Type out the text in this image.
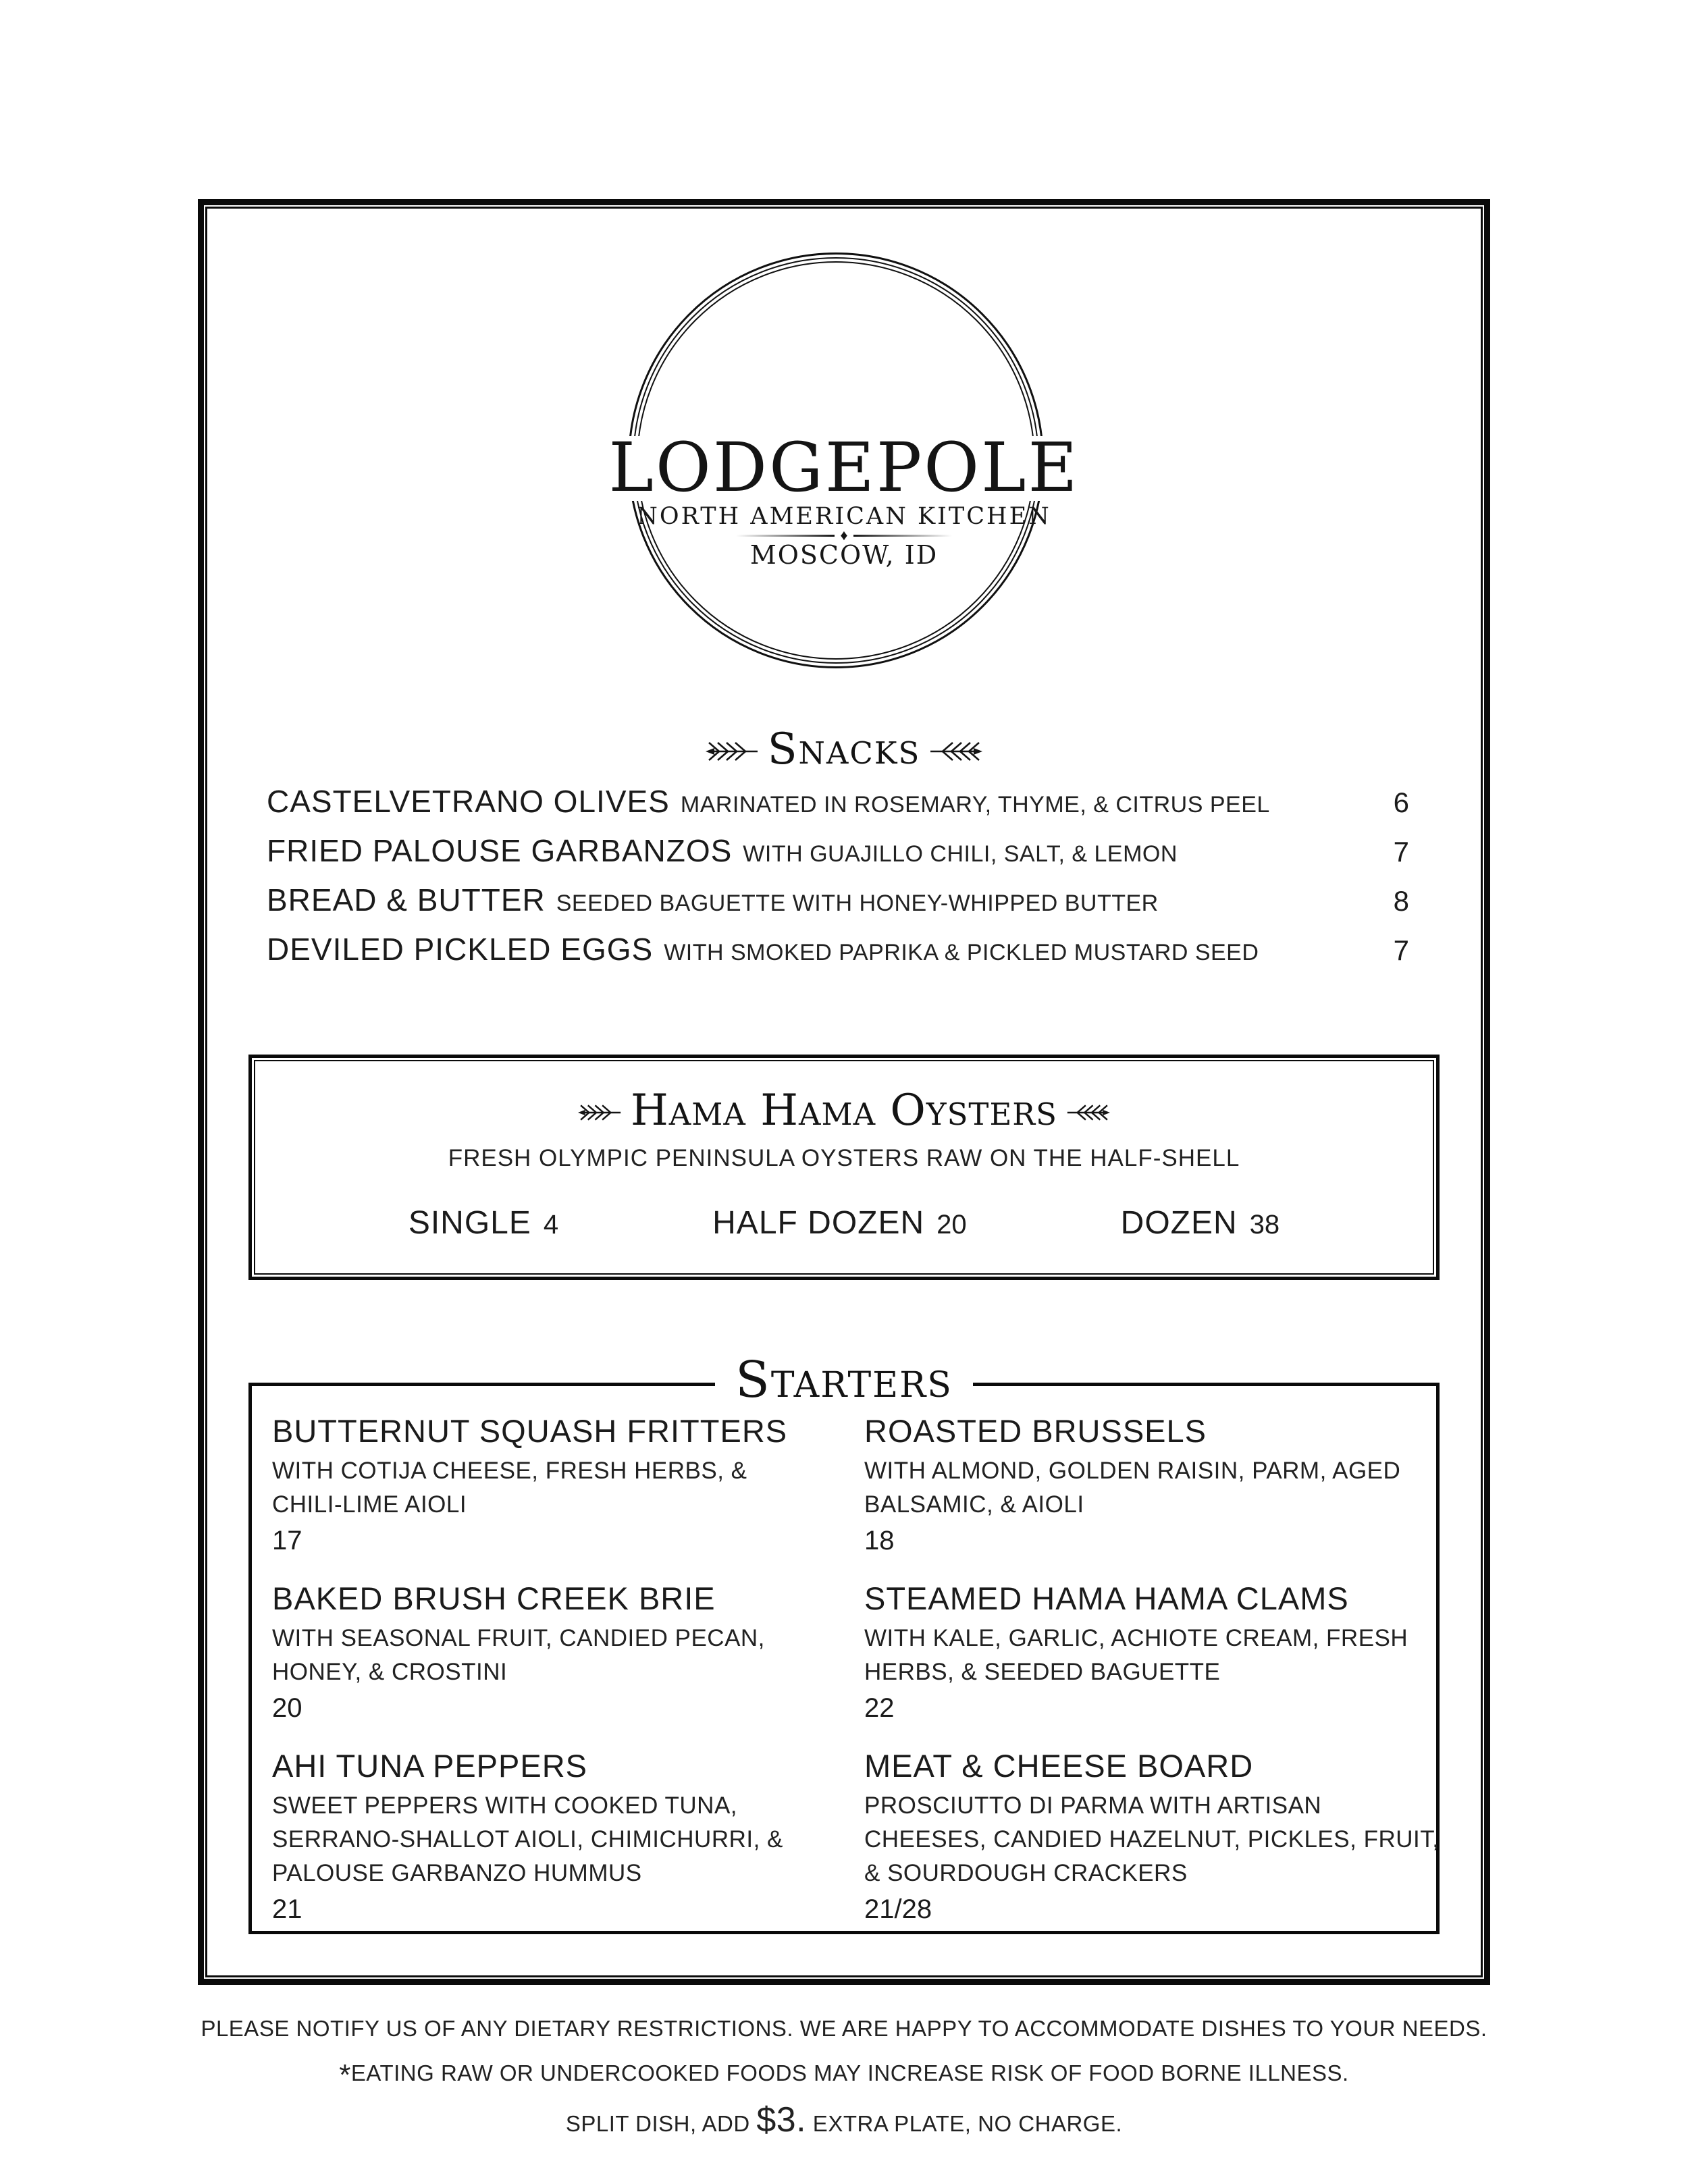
LODGEPOLE
NORTH AMERICAN KITCHEN
♦
MOSCOW, ID
Snacks
CASTELVETRANO OLIVES MARINATED IN ROSEMARY, THYME, & CITRUS PEEL	6
FRIED PALOUSE GARBANZOS WITH GUAJILLO CHILI, SALT, & LEMON	7
BREAD & BUTTER SEEDED BAGUETTE WITH HONEY-WHIPPED BUTTER	8
DEVILED PICKLED EGGS WITH SMOKED PAPRIKA & PICKLED MUSTARD SEED	7
Hama Hama Oysters
FRESH OLYMPIC PENINSULA OYSTERS RAW ON THE HALF-SHELL
SINGLE 4	HALF DOZEN 20	DOZEN 38
Starters
BUTTERNUT SQUASH FRITTERS
WITH COTIJA CHEESE, FRESH HERBS, & CHILI-LIME AIOLI
17
BAKED BRUSH CREEK BRIE
WITH SEASONAL FRUIT, CANDIED PECAN, HONEY, & CROSTINI
20
AHI TUNA PEPPERS
SWEET PEPPERS WITH COOKED TUNA, SERRANO-SHALLOT AIOLI, CHIMICHURRI, & PALOUSE GARBANZO HUMMUS
21
ROASTED BRUSSELS
WITH ALMOND, GOLDEN RAISIN, PARM, AGED BALSAMIC, & AIOLI
18
STEAMED HAMA HAMA CLAMS
WITH KALE, GARLIC, ACHIOTE CREAM, FRESH HERBS, & SEEDED BAGUETTE
22
MEAT & CHEESE BOARD
PROSCIUTTO DI PARMA WITH ARTISAN CHEESES, CANDIED HAZELNUT, PICKLES, FRUIT, & SOURDOUGH CRACKERS
21/28
PLEASE NOTIFY US OF ANY DIETARY RESTRICTIONS. WE ARE HAPPY TO ACCOMMODATE DISHES TO YOUR NEEDS.
*EATING RAW OR UNDERCOOKED FOODS MAY INCREASE RISK OF FOOD BORNE ILLNESS.
SPLIT DISH, ADD $3. EXTRA PLATE, NO CHARGE.
